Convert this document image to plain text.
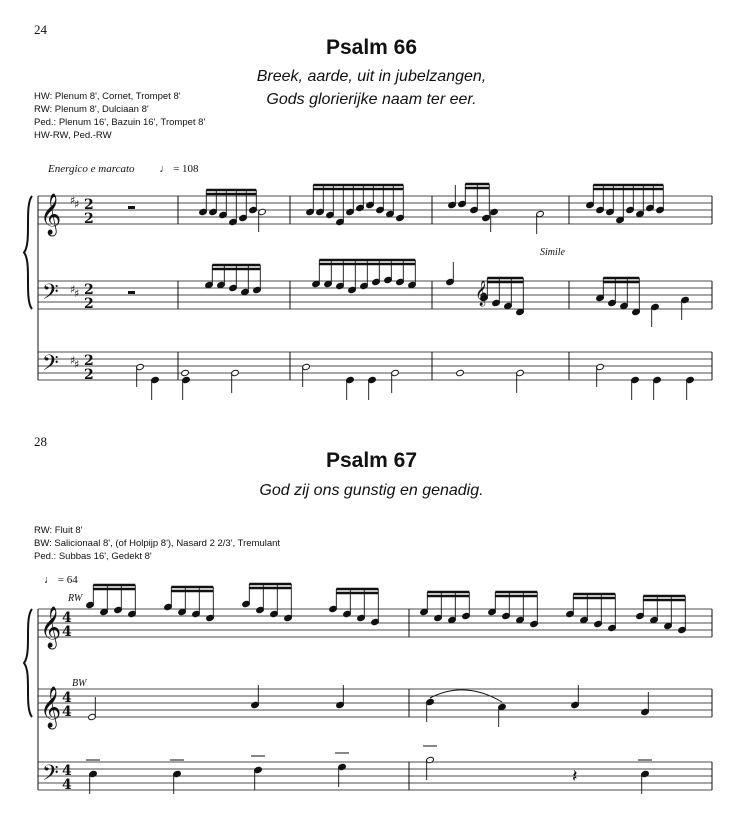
24
Psalm 66
Breek, aarde, uit in jubelzangen,
Gods glorierijke naam ter eer.
HW: Plenum 8', Cornet, Trompet 8'
RW: Plenum 8', Dulciaan 8'
Ped.: Plenum 16', Bazuin 16', Trompet 8'
HW-RW, Ped.-RW
Energico e marcato ♩ = 108
Simile
28
Psalm 67
God zij ons gunstig en genadig.
RW: Fluit 8'
BW: Salicionaal 8', (of Holpijp 8'), Nasard 2 2/3', Tremulant
Ped.: Subbas 16', Gedekt 8'
♩ = 64
RW
BW
𝄞
𝄢
𝄢
♯
♯ 2
2
♯
♯ 2
2
♯
♯ 2
2
𝄞
𝄞
𝄞
𝄢
4
4
4
4
4
4	𝄽
